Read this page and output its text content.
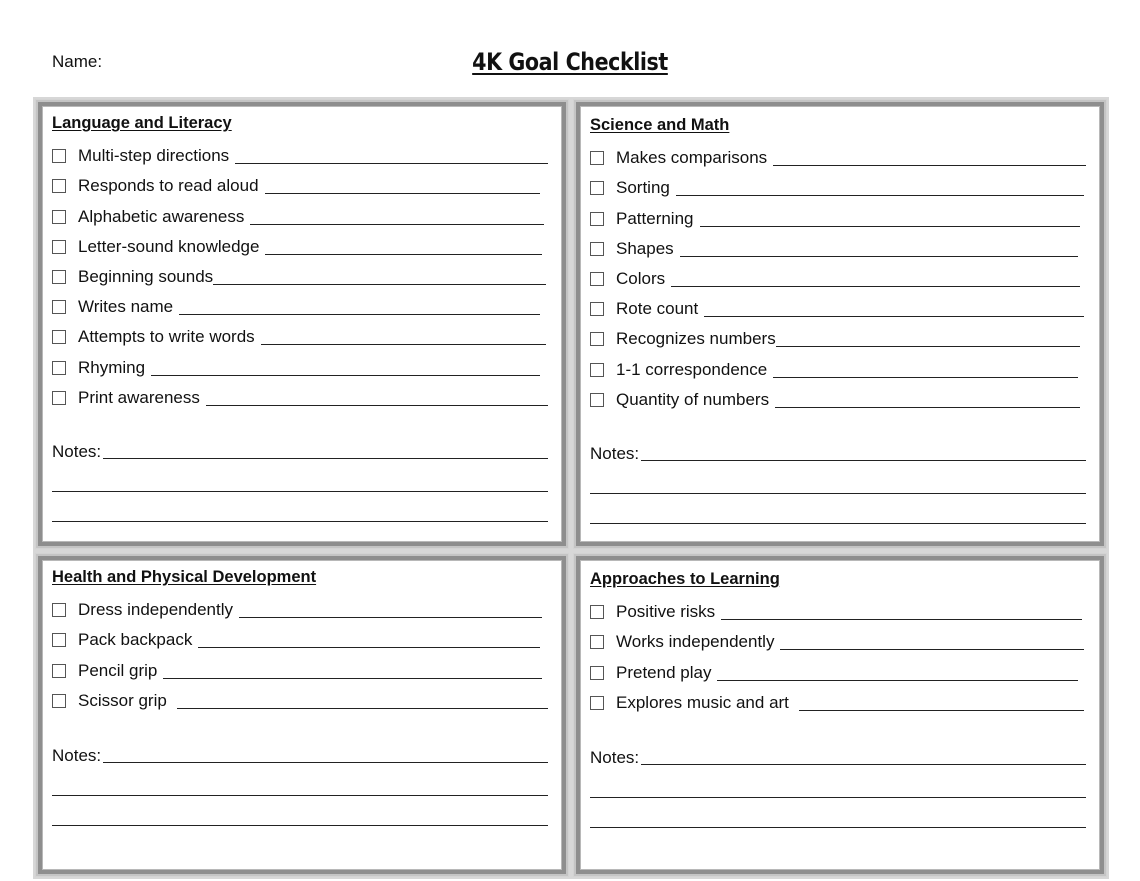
Name:	4K Goal Checklist
Language and Literacy
Multi-step directions
Responds to read aloud
Alphabetic awareness
Letter-sound knowledge
Beginning sounds
Writes name
Attempts to write words
Rhyming
Print awareness
Notes:
Science and Math
Makes comparisons
Sorting
Patterning
Shapes
Colors
Rote count
Recognizes numbers
1-1 correspondence
Quantity of numbers
Notes:
Health and Physical Development
Dress independently
Pack backpack
Pencil grip
Scissor grip
Notes:
Approaches to Learning
Positive risks
Works independently
Pretend play
Explores music and art
Notes:
